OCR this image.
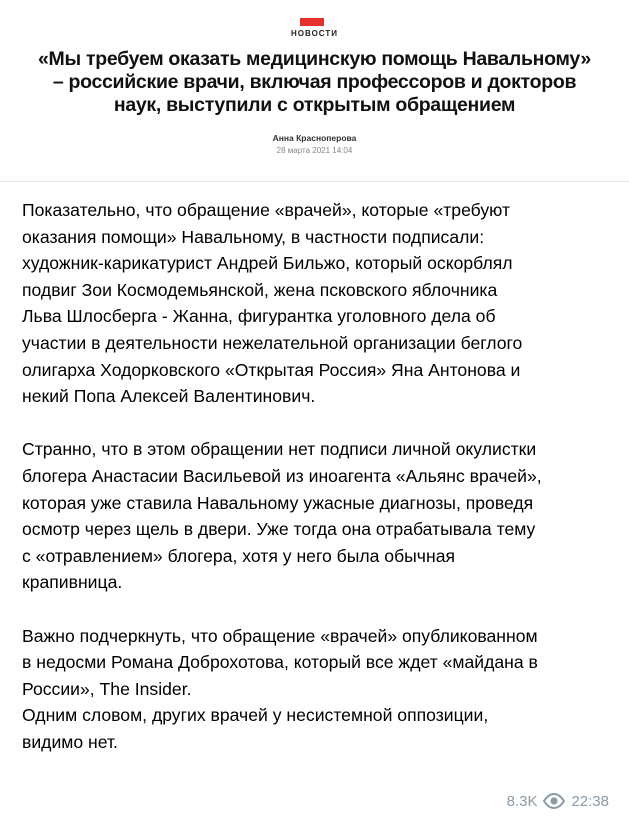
НОВОСТИ
«Мы требуем оказать медицинскую помощь Навальному»
– российские врачи, включая профессоров и докторов
наук, выступили с открытым обращением
Анна Красноперова
28 марта 2021 14:04
Показательно, что обращение «врачей», которые «требуют
оказания помощи» Навальному, в частности подписали:
художник-карикатурист Андрей Бильжо, который оскорблял
подвиг Зои Космодемьянской, жена псковского яблочника
Льва Шлосберга - Жанна, фигурантка уголовного дела об
участии в деятельности нежелательной организации беглого
олигарха Ходорковского «Открытая Россия» Яна Антонова и
некий Попа Алексей Валентинович.
Странно, что в этом обращении нет подписи личной окулистки
блогера Анастасии Васильевой из иноагента «Альянс врачей»,
которая уже ставила Навальному ужасные диагнозы, проведя
осмотр через щель в двери. Уже тогда она отрабатывала тему
с «отравлением» блогера, хотя у него была обычная
крапивница.
Важно подчеркнуть, что обращение «врачей» опубликованном
в недосми Романа Доброхотова, который все ждет «майдана в
России», The Insider.
Одним словом, других врачей у несистемной оппозиции,
видимо нет.
8.3K 22:38
